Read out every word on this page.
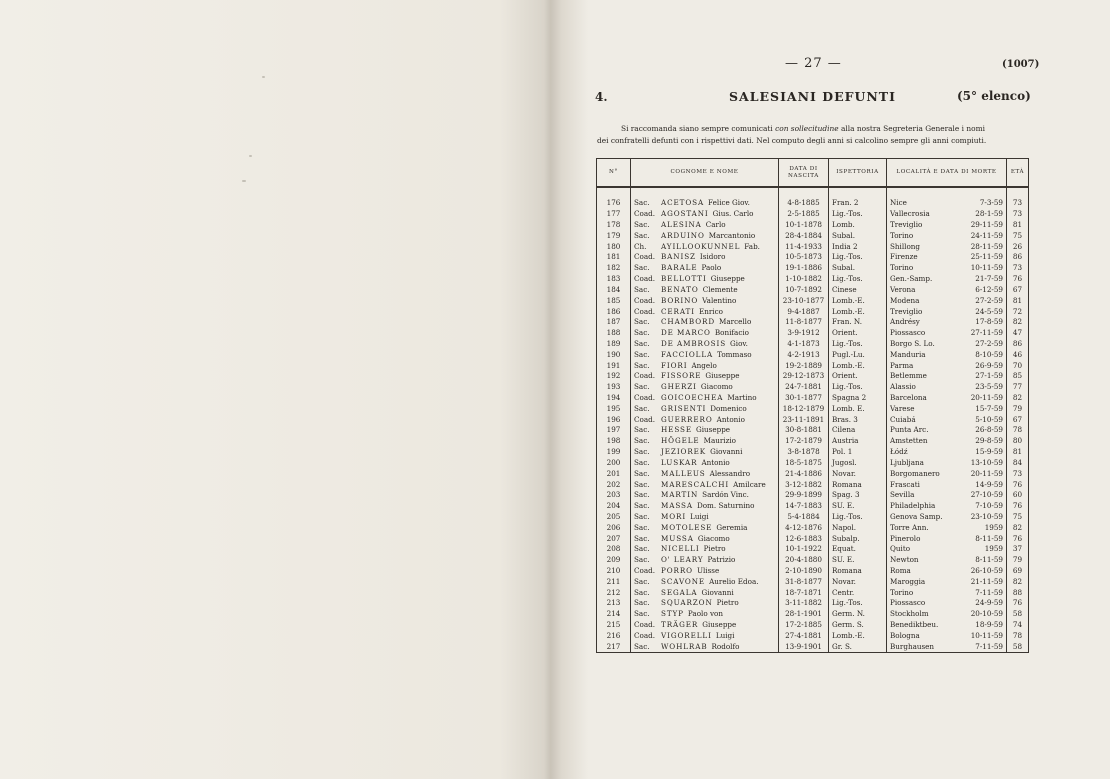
— 27 —	(1007)
4.	SALESIANI DEFUNTI	(5° elenco)
Si raccomanda siano sempre comunicati con sollecitudine alla nostra Segreteria Generale i nomi
dei confratelli defunti con i rispettivi dati. Nel computo degli anni si calcolino sempre gli anni compiuti.
N°	COGNOME E NOME	DATA DI NASCITA	ISPETTORIA	LOCALITÀ E DATA DI MORTE	ETÀ

176	Sac. ACETOSA Felice Giov.	4-8-1885	Fran. 2	Nice 7-3-59	73
177	Coad. AGOSTANI Gius. Carlo	2-5-1885	Lig.-Tos.	Vallecrosia 28-1-59	73
178	Sac. ALESINA Carlo	10-1-1878	Lomb.	Treviglio 29-11-59	81
179	Sac. ARDUINO Marcantonio	28-4-1884	Subal.	Torino 24-11-59	75
180	Ch. AYILLOOKUNNEL Fab.	11-4-1933	India 2	Shillong 28-11-59	26
181	Coad. BANISZ Isidoro	10-5-1873	Lig.-Tos.	Firenze 25-11-59	86
182	Sac. BARALE Paolo	19-1-1886	Subal.	Torino 10-11-59	73
183	Coad. BELLOTTI Giuseppe	1-10-1882	Lig.-Tos.	Gen.-Samp. 21-7-59	76
184	Sac. BENATO Clemente	10-7-1892	Cinese	Verona 6-12-59	67
185	Coad. BORINO Valentino	23-10-1877	Lomb.-E.	Modena 27-2-59	81
186	Coad. CERATI Enrico	9-4-1887	Lomb.-E.	Treviglio 24-5-59	72
187	Sac. CHAMBORD Marcello	11-8-1877	Fran. N.	Andrésy 17-8-59	82
188	Sac. DE MARCO Bonifacio	3-9-1912	Orient.	Piossasco 27-11-59	47
189	Sac. DE AMBROSIS Giov.	4-1-1873	Lig.-Tos.	Borgo S. Lo. 27-2-59	86
190	Sac. FACCIOLLA Tommaso	4-2-1913	Pugl.-Lu.	Manduria 8-10-59	46
191	Sac. FIORI Angelo	19-2-1889	Lomb.-E.	Parma 26-9-59	70
192	Coad. FISSORE Giuseppe	29-12-1873	Orient.	Betlemme 27-1-59	85
193	Sac. GHERZI Giacomo	24-7-1881	Lig.-Tos.	Alassio 23-5-59	77
194	Coad. GOICOECHEA Martino	30-1-1877	Spagna 2	Barcelona 20-11-59	82
195	Sac. GRISENTI Domenico	18-12-1879	Lomb. E.	Varese 15-7-59	79
196	Coad. GUERRERO Antonio	23-11-1891	Bras. 3	Cuiabá 5-10-59	67
197	Sac. HESSE Giuseppe	30-8-1881	Cilena	Punta Arc. 26-8-59	78
198	Sac. HÖGELE Maurizio	17-2-1879	Austria	Amstetten 29-8-59	80
199	Sac. JEZIOREK Giovanni	3-8-1878	Pol. 1	Łódź 15-9-59	81
200	Sac. LUSKAR Antonio	18-5-1875	Jugosl.	Ljubljana 13-10-59	84
201	Sac. MALLEUS Alessandro	21-4-1886	Novar.	Borgomanero 20-11-59	73
202	Sac. MARESCALCHI Amilcare	3-12-1882	Romana	Frascati 14-9-59	76
203	Sac. MARTIN Sardón Vinc.	29-9-1899	Spag. 3	Sevilla 27-10-59	60
204	Sac. MASSA Dom. Saturnino	14-7-1883	SU. E.	Philadelphia 7-10-59	76
205	Sac. MORI Luigi	5-4-1884	Lig.-Tos.	Genova Samp. 23-10-59	75
206	Sac. MOTOLESE Geremia	4-12-1876	Napol.	Torre Ann. 1959	82
207	Sac. MUSSA Giacomo	12-6-1883	Subalp.	Pinerolo 8-11-59	76
208	Sac. NICELLI Pietro	10-1-1922	Equat.	Quito 1959	37
209	Sac. O' LEARY Patrizio	20-4-1880	SU. E.	Newton 8-11-59	79
210	Coad. PORRO Ulisse	2-10-1890	Romana	Roma 26-10-59	69
211	Sac. SCAVONE Aurelio Edoa.	31-8-1877	Novar.	Maroggia 21-11-59	82
212	Sac. SEGALA Giovanni	18-7-1871	Centr.	Torino 7-11-59	88
213	Sac. SQUARZON Pietro	3-11-1882	Lig.-Tos.	Piossasco 24-9-59	76
214	Sac. STYP Paolo von	28-1-1901	Germ. N.	Stockholm 20-10-59	58
215	Coad. TRÄGER Giuseppe	17-2-1885	Germ. S.	Benediktbeu. 18-9-59	74
216	Coad. VIGORELLI Luigi	27-4-1881	Lomb.-E.	Bologna 10-11-59	78
217	Sac. WOHLRAB Rodolfo	13-9-1901	Gr. S.	Burghausen 7-11-59	58
